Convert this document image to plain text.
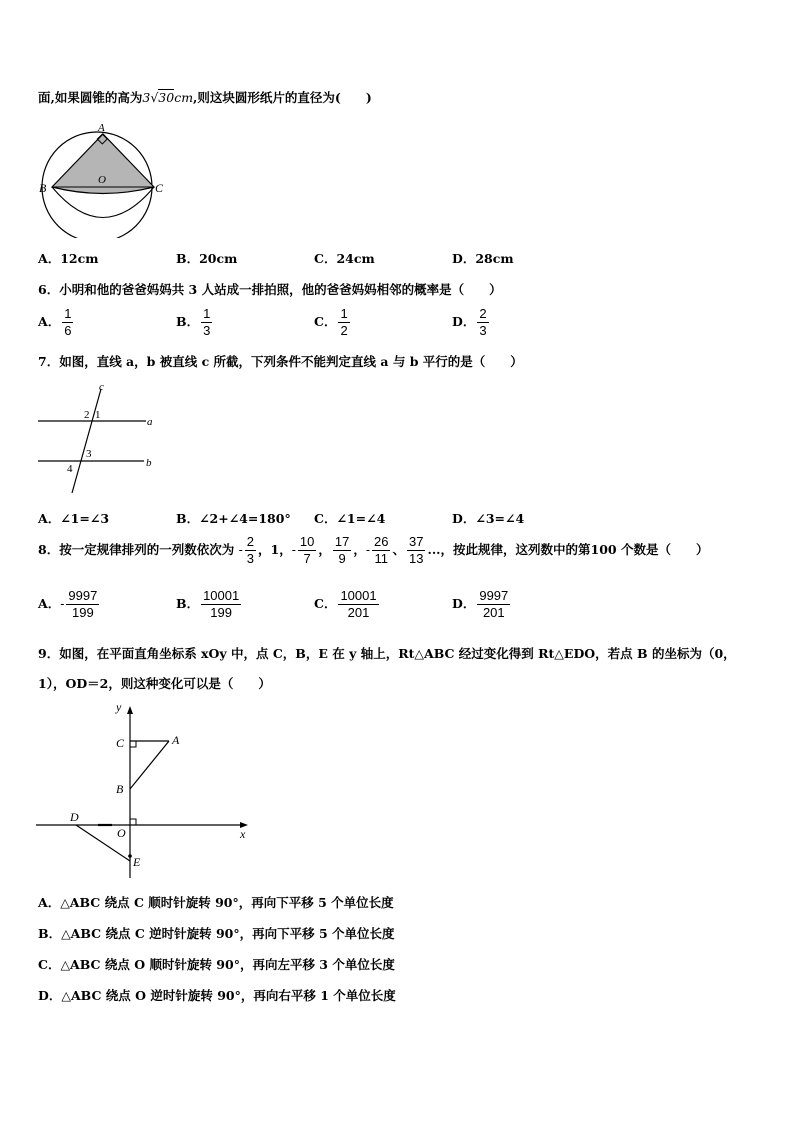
面,如果圆锥的高为3√30cm,则这块圆形纸片的直径为(　　)
A
B	C
O
A．12cm	B．20cm	C．24cm	D．28cm
6．小明和他的爸爸妈妈共 3 人站成一排拍照，他的爸爸妈妈相邻的概率是（　　）
A． $\frac{1}{6}$	B． $\frac{1}{3}$	C． $\frac{1}{2}$	D． $\frac{2}{3}$
7．如图，直线 a，b 被直线 c 所截，下列条件不能判定直线 a 与 b 平行的是（　　）
c
a
b
2 1
3
4
A．∠1=∠3	B．∠2+∠4=180° C．∠1=∠4	D．∠3=∠4
8．按一定规律排列的一列数依次为 - $\frac{2}{3}$ ，1，- $\frac{10}{7}$ ， $\frac{17}{9}$ ，- $\frac{26}{11}$ 、 $\frac{37}{13}$ ...，按此规律，这列数中的第100 个数是（　　）
A．- $\frac{9997}{199}$	B． $\frac{10001}{199}$	C． $\frac{10001}{201}$	D． $\frac{9997}{201}$
9．如图，在平面直角坐标系 xOy 中，点 C，B，E 在 y 轴上，Rt△ABC 经过变化得到 Rt△EDO，若点 B 的坐标为（0，
1），OD＝2，则这种变化可以是（　　）
y
x
A
B
C
D
E
O
A．△ABC 绕点 C 顺时针旋转 90°，再向下平移 5 个单位长度
B．△ABC 绕点 C 逆时针旋转 90°，再向下平移 5 个单位长度
C．△ABC 绕点 O 顺时针旋转 90°，再向左平移 3 个单位长度
D．△ABC 绕点 O 逆时针旋转 90°，再向右平移 1 个单位长度
